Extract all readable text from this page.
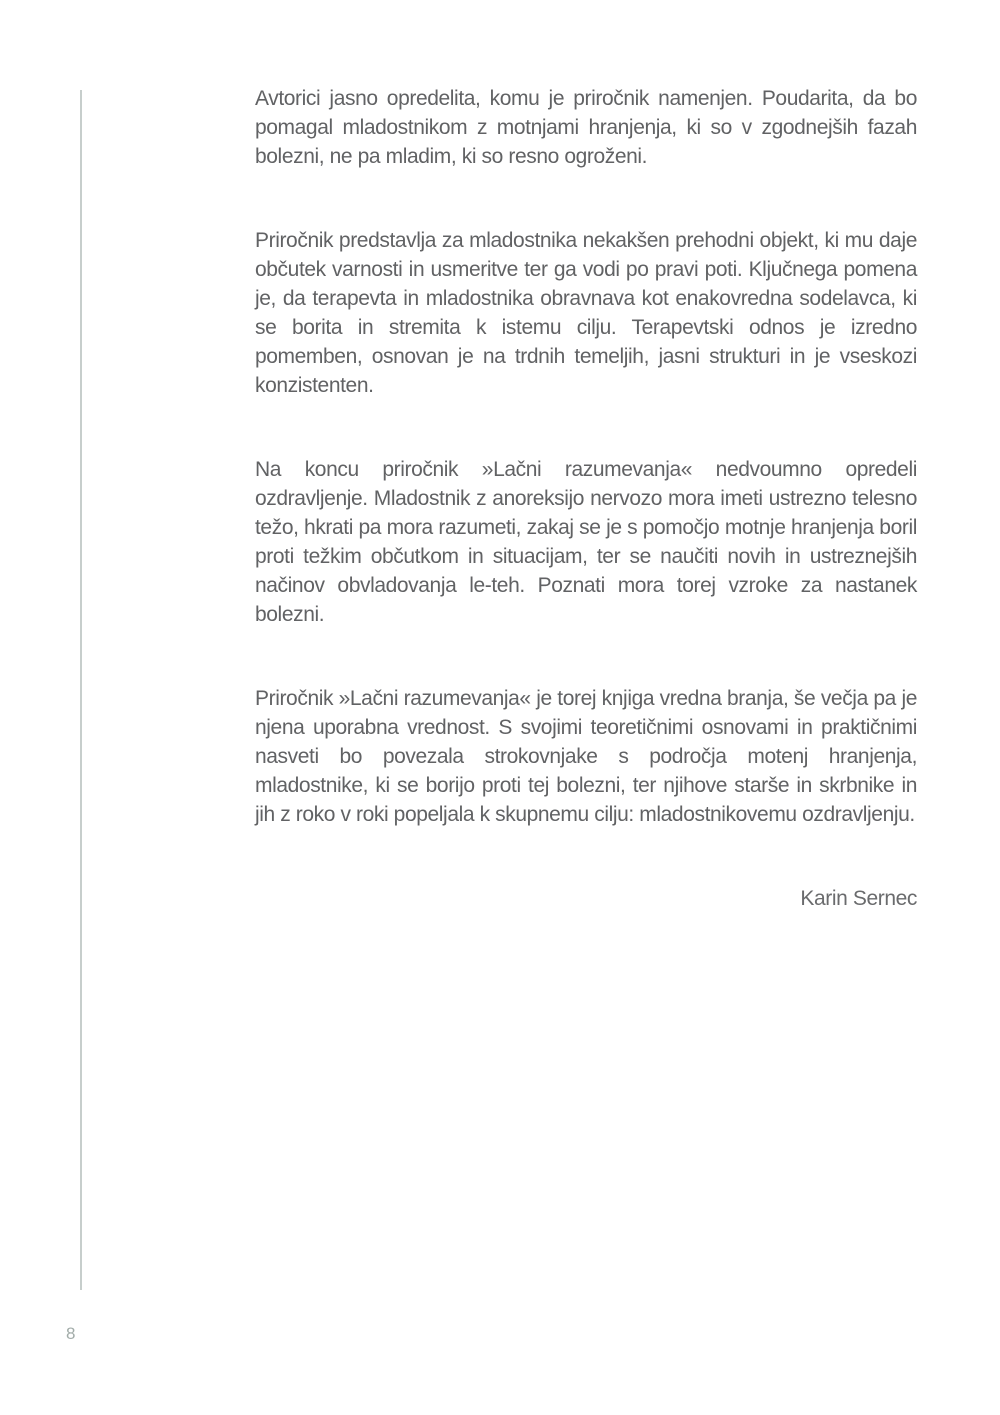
Avtorici jasno opredelita, komu je priročnik namenjen. Poudarita, da bo pomagal mladostnikom z motnjami hranjenja, ki so v zgodnejših fazah bolezni, ne pa mladim, ki so resno ogroženi.

Priročnik predstavlja za mladostnika nekakšen prehodni objekt, ki mu daje občutek varnosti in usmeritve ter ga vodi po pravi poti. Ključnega pomena je, da terapevta in mladostnika obravnava kot enakovredna sodelavca, ki se borita in stremita k istemu cilju. Terapevtski odnos je izredno pomemben, osnovan je na trdnih temeljih, jasni strukturi in je vseskozi konzistenten.

Na koncu priročnik »Lačni razumevanja« nedvoumno opredeli ozdravljenje. Mladostnik z anoreksijo nervozo mora imeti ustrezno telesno težo, hkrati pa mora razumeti, zakaj se je s pomočjo motnje hranjenja boril proti težkim občutkom in situacijam, ter se naučiti novih in ustreznejših načinov obvladovanja le-teh. Poznati mora torej vzroke za nastanek bolezni.

Priročnik »Lačni razumevanja« je torej knjiga vredna branja, še večja pa je njena uporabna vrednost. S svojimi teoretičnimi osnovami in praktičnimi nasveti bo povezala strokovnjake s področja motenj hranjenja, mladostnike, ki se borijo proti tej bolezni, ter njihove starše in skrbnike in jih z roko v roki popeljala k skupnemu cilju: mladostnikovemu ozdravljenju.

Karin Sernec

8
